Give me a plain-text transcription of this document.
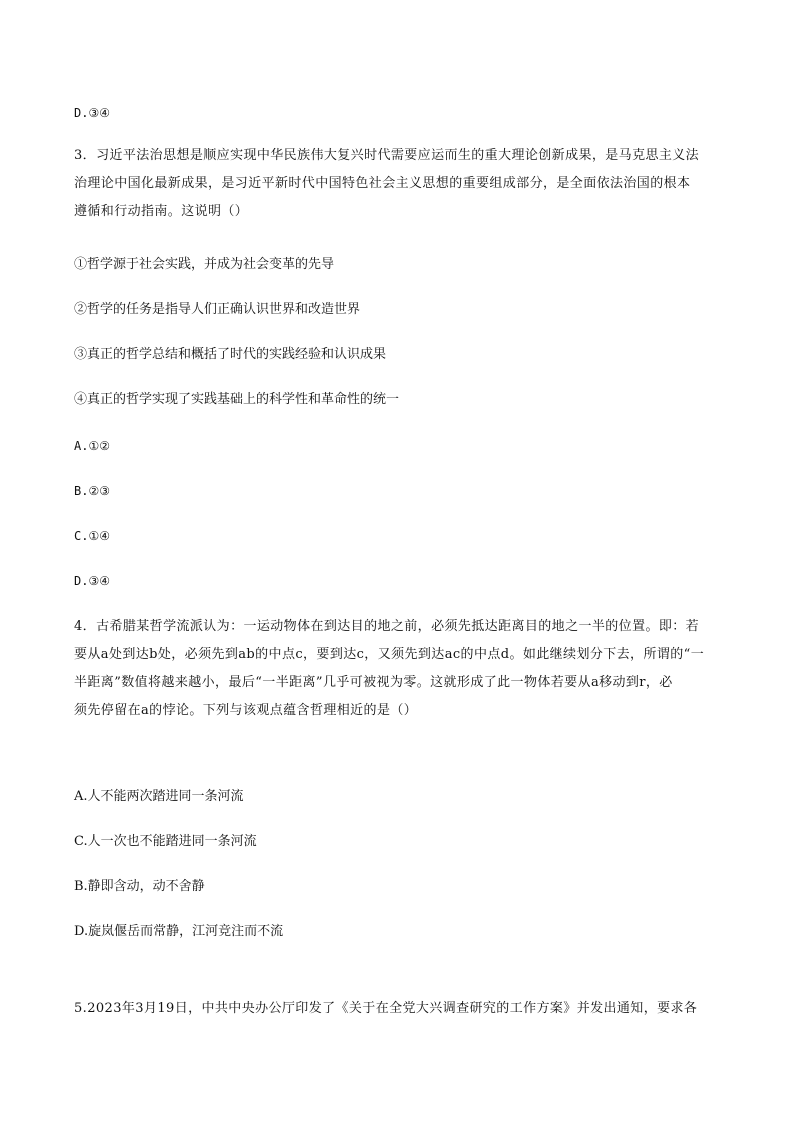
D.③④
3．习近平法治思想是顺应实现中华民族伟大复兴时代需要应运而生的重大理论创新成果，是马克思主义法
治理论中国化最新成果，是习近平新时代中国特色社会主义思想的重要组成部分，是全面依法治国的根本
遵循和行动指南。这说明（）
①哲学源于社会实践，并成为社会变革的先导
②哲学的任务是指导人们正确认识世界和改造世界
③真正的哲学总结和概括了时代的实践经验和认识成果
④真正的哲学实现了实践基础上的科学性和革命性的统一
A.①②
B.②③
C.①④
D.③④
4．古希腊某哲学流派认为：一运动物体在到达目的地之前，必须先抵达距离目的地之一半的位置。即：若
要从a处到达b处，必须先到ab的中点c，要到达c，又须先到达ac的中点d。如此继续划分下去，所谓的“一
半距离”数值将越来越小，最后“一半距离”几乎可被视为零。这就形成了此一物体若要从a移动到r，必
须先停留在a的悖论。下列与该观点蕴含哲理相近的是（）
A.人不能两次踏进同一条河流
C.人一次也不能踏进同一条河流
B.静即含动，动不舍静
D.旋岚偃岳而常静，江河竞注而不流
5.2023年3月19日，中共中央办公厅印发了《关于在全党大兴调查研究的工作方案》并发出通知，要求各
